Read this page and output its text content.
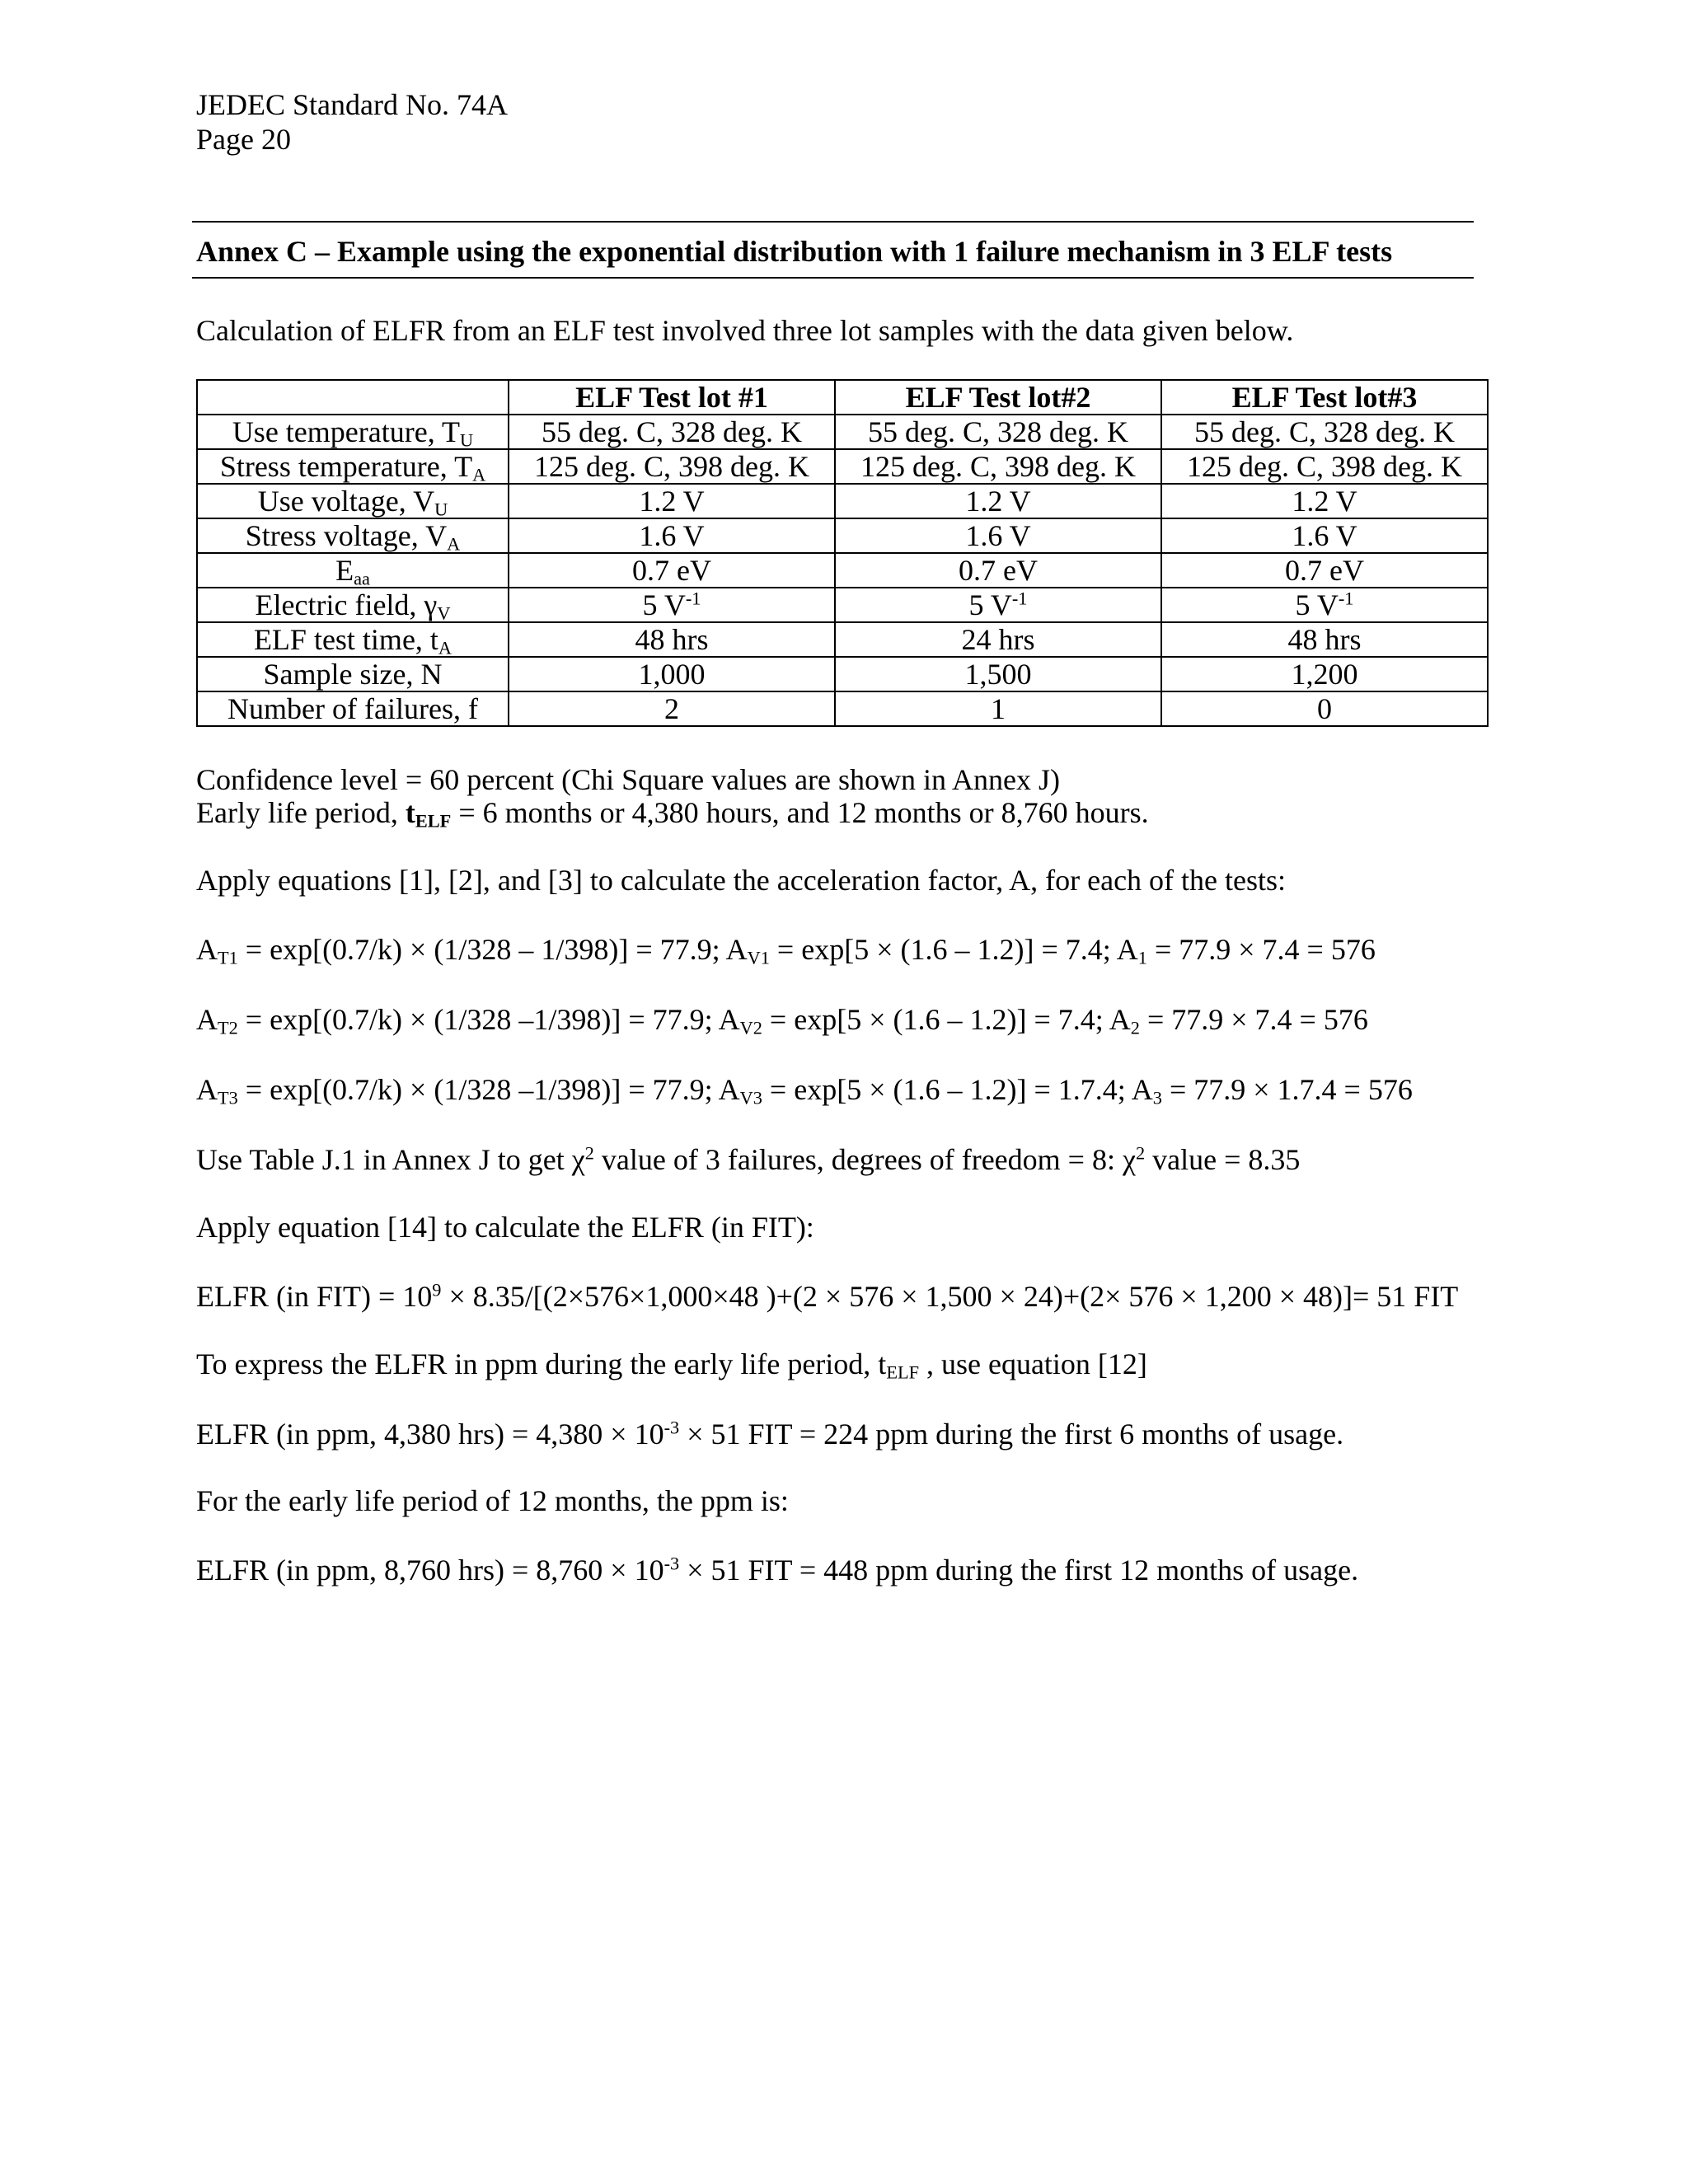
JEDEC Standard No. 74A
Page 20
Annex C – Example using the exponential distribution with 1 failure mechanism in 3 ELF tests
Calculation of ELFR from an ELF test involved three lot samples with the data given below.
	ELF Test lot #1	ELF Test lot#2	ELF Test lot#3
Use temperature, $T_U$	55 deg. C, 328 deg. K	55 deg. C, 328 deg. K	55 deg. C, 328 deg. K
Stress temperature, $T_A$	125 deg. C, 398 deg. K	125 deg. C, 398 deg. K	125 deg. C, 398 deg. K
Use voltage, $V_U$	1.2 V	1.2 V	1.2 V
Stress voltage, $V_A$	1.6 V	1.6 V	1.6 V
$E_{aa}$	0.7 eV	0.7 eV	0.7 eV
Electric field, $\gamma_V$	5 $V^{-1}$	5 $V^{-1}$	5 $V^{-1}$
ELF test time, $t_A$	48 hrs	24 hrs	48 hrs
Sample size, N	1,000	1,500	1,200
Number of failures, f	2	1	0
Confidence level = 60 percent (Chi Square values are shown in Annex J)
Early life period, $t_{ELF} = 6$ months or 4,380 hours, and 12 months or 8,760 hours.
Apply equations [1], [2], and [3] to calculate the acceleration factor, A, for each of the tests:
$A_{T1} = \exp[(0.7/k) \times (1/328 - 1/398)] = 77.9$; $A_{V1} = \exp[5 \times (1.6 - 1.2)] = 7.4$; $A_1 = 77.9 \times 7.4 = 576$
$A_{T2} = \exp[(0.7/k) \times (1/328$ –1/398)] = 77.9; $A_{V2} = \exp[5 \times (1.6 - 1.2)] = 7.4$; $A_2 = 77.9 \times 7.4 = 576$
$A_{T3} = \exp[(0.7/k) \times (1/328$ –1/398)] = 77.9; $A_{V3} = \exp[5 \times (1.6 - 1.2)] = 1.7.4$; $A_3 = 77.9 \times 1.7.4 = 576$
Use Table J.1 in Annex J to get $\chi^2$ value of 3 failures, degrees of freedom = 8: $\chi^2$ value = 8.35
Apply equation [14] to calculate the ELFR (in FIT):
ELFR (in $FIT) = 10^9 \times 8.35/[(2\times 576\times 1,000\times 48$ )+(2 × 576 × 1,500 × 24)+(2× 576 × 1,200 × 48)]= 51 FIT
To express the ELFR in ppm during the early life period, $t_{ELF}$ , use equation [12]
ELFR (in ppm, 4,380 $hrs) = 4,380 \times 10^{-3} \times 51$ FIT = 224 ppm during the first 6 months of usage.
For the early life period of 12 months, the ppm is:
ELFR (in ppm, 8,760 $hrs) = 8,760 \times 10^{-3} \times 51$ FIT = 448 ppm during the first 12 months of usage.
